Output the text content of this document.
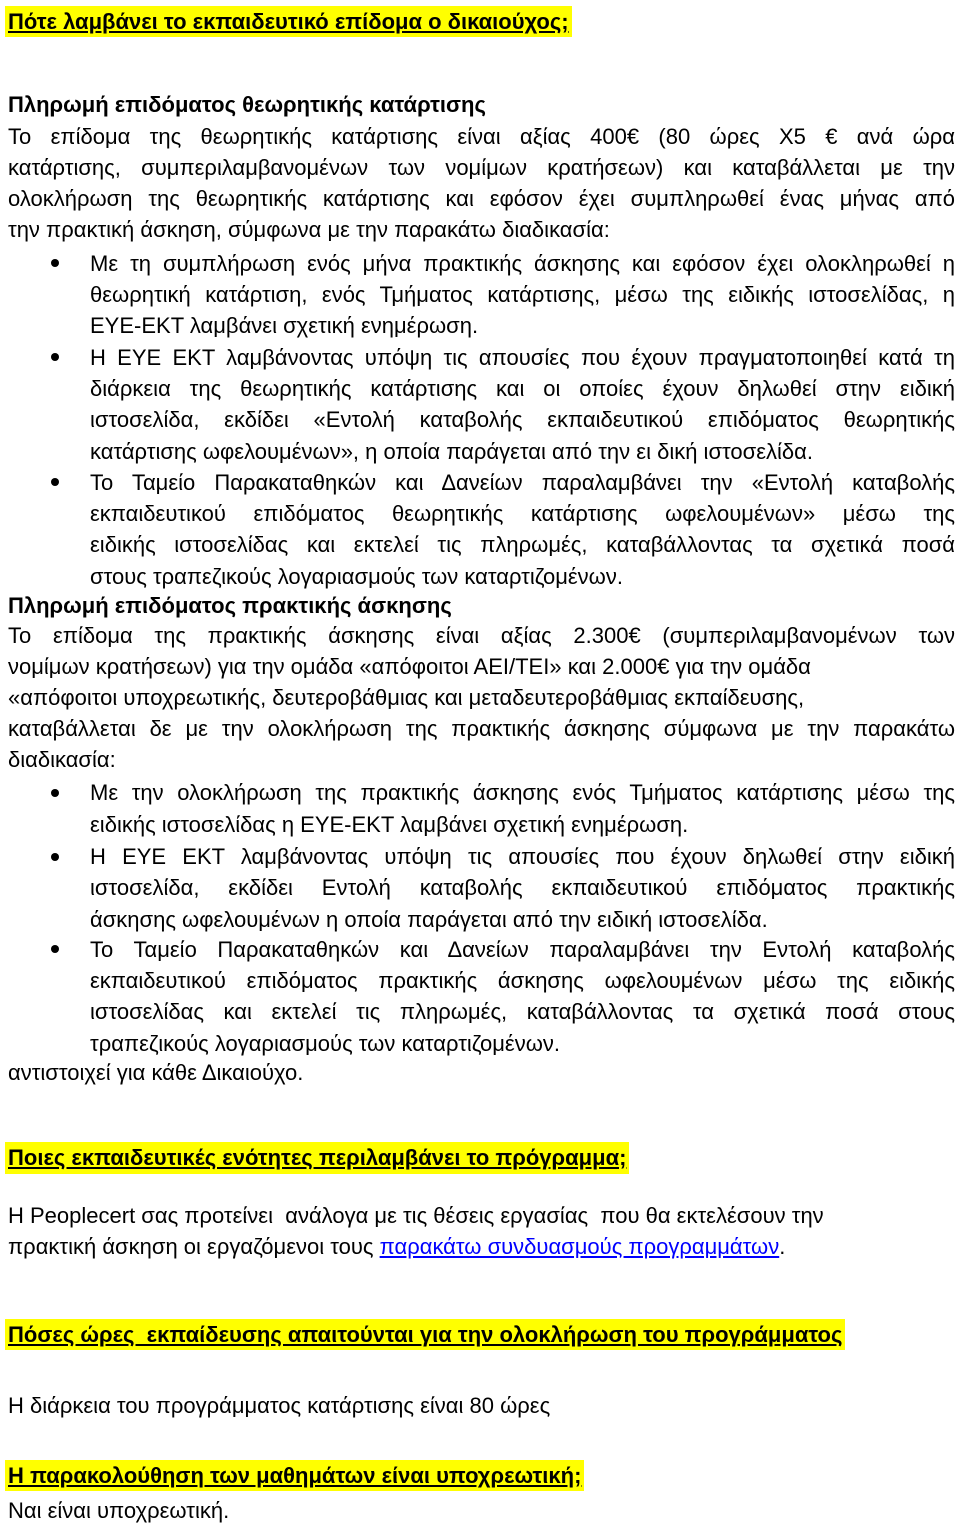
Πότε λαμβάνει το εκπαιδευτικό επίδομα ο δικαιούχος;
Πληρωμή επιδόματος θεωρητικής κατάρτισης
Το επίδομα της θεωρητικής κατάρτισης είναι αξίας 400€ (80 ώρες Χ5 € ανά ώρα
κατάρτισης, συμπεριλαμβανομένων των νομίμων κρατήσεων) και καταβάλλεται με την
ολοκλήρωση της θεωρητικής κατάρτισης και εφόσον έχει συμπληρωθεί ένας μήνας από
την πρακτική άσκηση, σύμφωνα με την παρακάτω διαδικασία:
Με τη συμπλήρωση ενός μήνα πρακτικής άσκησης και εφόσον έχει ολοκληρωθεί η
θεωρητική κατάρτιση, ενός Τμήματος κατάρτισης, μέσω της ειδικής ιστοσελίδας, η
ΕΥΕ-ΕΚΤ λαμβάνει σχετική ενημέρωση.
Η ΕΥΕ ΕΚΤ λαμβάνοντας υπόψη τις απουσίες που έχουν πραγματοποιηθεί κατά τη
διάρκεια της θεωρητικής κατάρτισης και οι οποίες έχουν δηλωθεί στην ειδική
ιστοσελίδα, εκδίδει «Εντολή καταβολής εκπαιδευτικού επιδόματος θεωρητικής
κατάρτισης ωφελουμένων», η οποία παράγεται από την ει δική ιστοσελίδα.
Το Ταμείο Παρακαταθηκών και Δανείων παραλαμβάνει την «Εντολή καταβολής
εκπαιδευτικού επιδόματος θεωρητικής κατάρτισης ωφελουμένων» μέσω της
ειδικής ιστοσελίδας και εκτελεί τις πληρωμές, καταβάλλοντας τα σχετικά ποσά
στους τραπεζικούς λογαριασμούς των καταρτιζομένων.
Πληρωμή επιδόματος πρακτικής άσκησης
Το επίδομα της πρακτικής άσκησης είναι αξίας 2.300€ (συμπεριλαμβανομένων των
νομίμων κρατήσεων) για την ομάδα «απόφοιτοι ΑΕΙ/ΤΕΙ» και 2.000€ για την ομάδα
«απόφοιτοι υποχρεωτικής, δευτεροβάθμιας και μεταδευτεροβάθμιας εκπαίδευσης,
καταβάλλεται δε με την ολοκλήρωση της πρακτικής άσκησης σύμφωνα με την παρακάτω
διαδικασία:
Με την ολοκλήρωση της πρακτικής άσκησης ενός Τμήματος κατάρτισης μέσω της
ειδικής ιστοσελίδας η ΕΥΕ-ΕΚΤ λαμβάνει σχετική ενημέρωση.
Η ΕΥΕ ΕΚΤ λαμβάνοντας υπόψη τις απουσίες που έχουν δηλωθεί στην ειδική
ιστοσελίδα, εκδίδει Εντολή καταβολής εκπαιδευτικού επιδόματος πρακτικής
άσκησης ωφελουμένων η οποία παράγεται από την ειδική ιστοσελίδα.
Το Ταμείο Παρακαταθηκών και Δανείων παραλαμβάνει την Εντολή καταβολής
εκπαιδευτικού επιδόματος πρακτικής άσκησης ωφελουμένων μέσω της ειδικής
ιστοσελίδας και εκτελεί τις πληρωμές, καταβάλλοντας τα σχετικά ποσά στους
τραπεζικούς λογαριασμούς των καταρτιζομένων.
αντιστοιχεί για κάθε Δικαιούχο.
Ποιες εκπαιδευτικές ενότητες περιλαμβάνει το πρόγραμμα;
Η Peoplecert σας προτείνει  ανάλογα με τις θέσεις εργασίας  που θα εκτελέσουν την
πρακτική άσκηση οι εργαζόμενοι τους παρακάτω συνδυασμούς προγραμμάτων.
Πόσες ώρες  εκπαίδευσης απαιτούνται για την ολοκλήρωση του προγράμματος
Η διάρκεια του προγράμματος κατάρτισης είναι 80 ώρες
Η παρακολούθηση των μαθημάτων είναι υποχρεωτική;
Ναι είναι υποχρεωτική.
